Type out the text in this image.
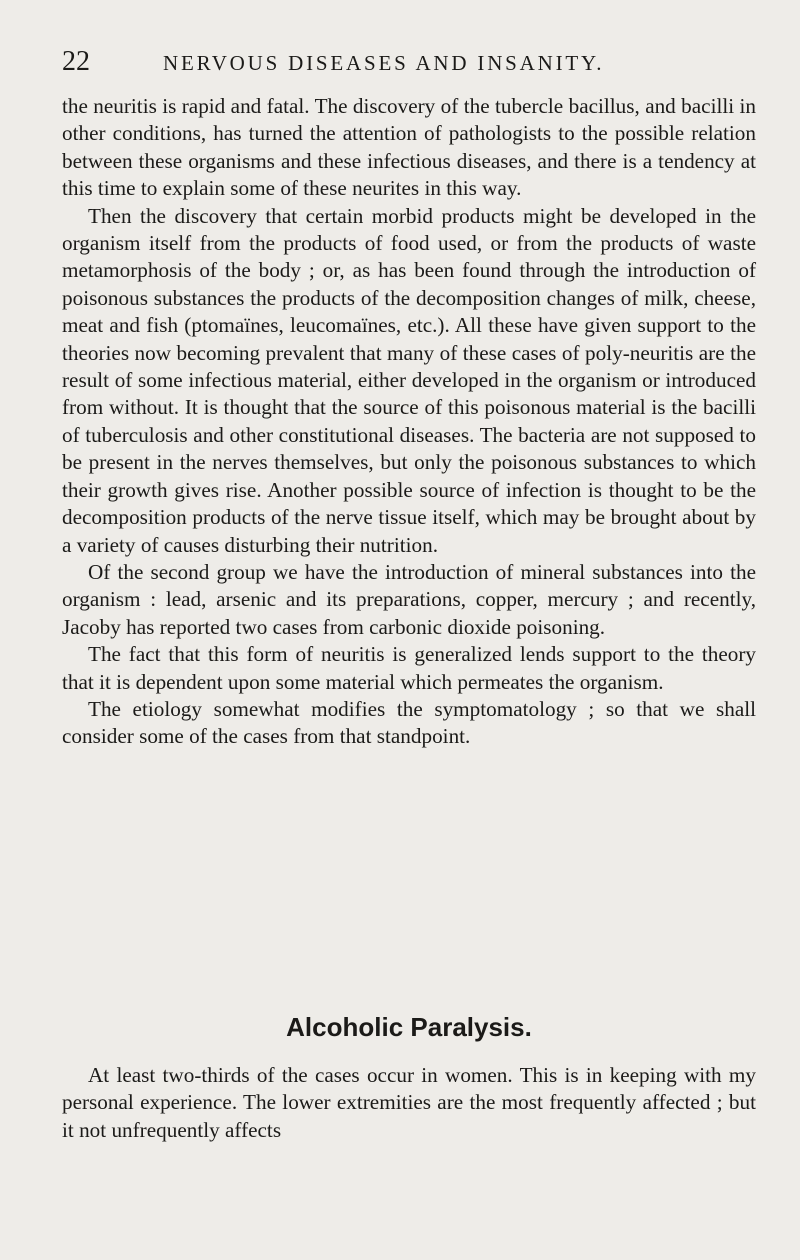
22	NERVOUS DISEASES AND INSANITY.

the neuritis is rapid and fatal. The discovery of the tubercle bacillus, and bacilli in other conditions, has turned the attention of pathologists to the possible relation between these organisms and these infectious diseases, and there is a tendency at this time to explain some of these neurites in this way.

Then the discovery that certain morbid products might be developed in the organism itself from the products of food used, or from the products of waste metamorphosis of the body ; or, as has been found through the introduction of poisonous substances the products of the decomposition changes of milk, cheese, meat and fish (ptomaïnes, leucomaïnes, etc.). All these have given support to the theories now becoming prevalent that many of these cases of poly-neuritis are the result of some infectious material, either developed in the organism or introduced from without. It is thought that the source of this poisonous material is the bacilli of tuberculosis and other constitutional diseases. The bacteria are not supposed to be present in the nerves themselves, but only the poisonous substances to which their growth gives rise. Another possible source of infection is thought to be the decomposition products of the nerve tissue itself, which may be brought about by a variety of causes disturbing their nutrition.

Of the second group we have the introduction of mineral substances into the organism : lead, arsenic and its preparations, copper, mercury ; and recently, Jacoby has reported two cases from carbonic dioxide poisoning.

The fact that this form of neuritis is generalized lends support to the theory that it is dependent upon some material which permeates the organism.

The etiology somewhat modifies the symptomatology ; so that we shall consider some of the cases from that standpoint.

Alcoholic Paralysis.

At least two-thirds of the cases occur in women. This is in keeping with my personal experience. The lower extremities are the most frequently affected ; but it not unfrequently affects
